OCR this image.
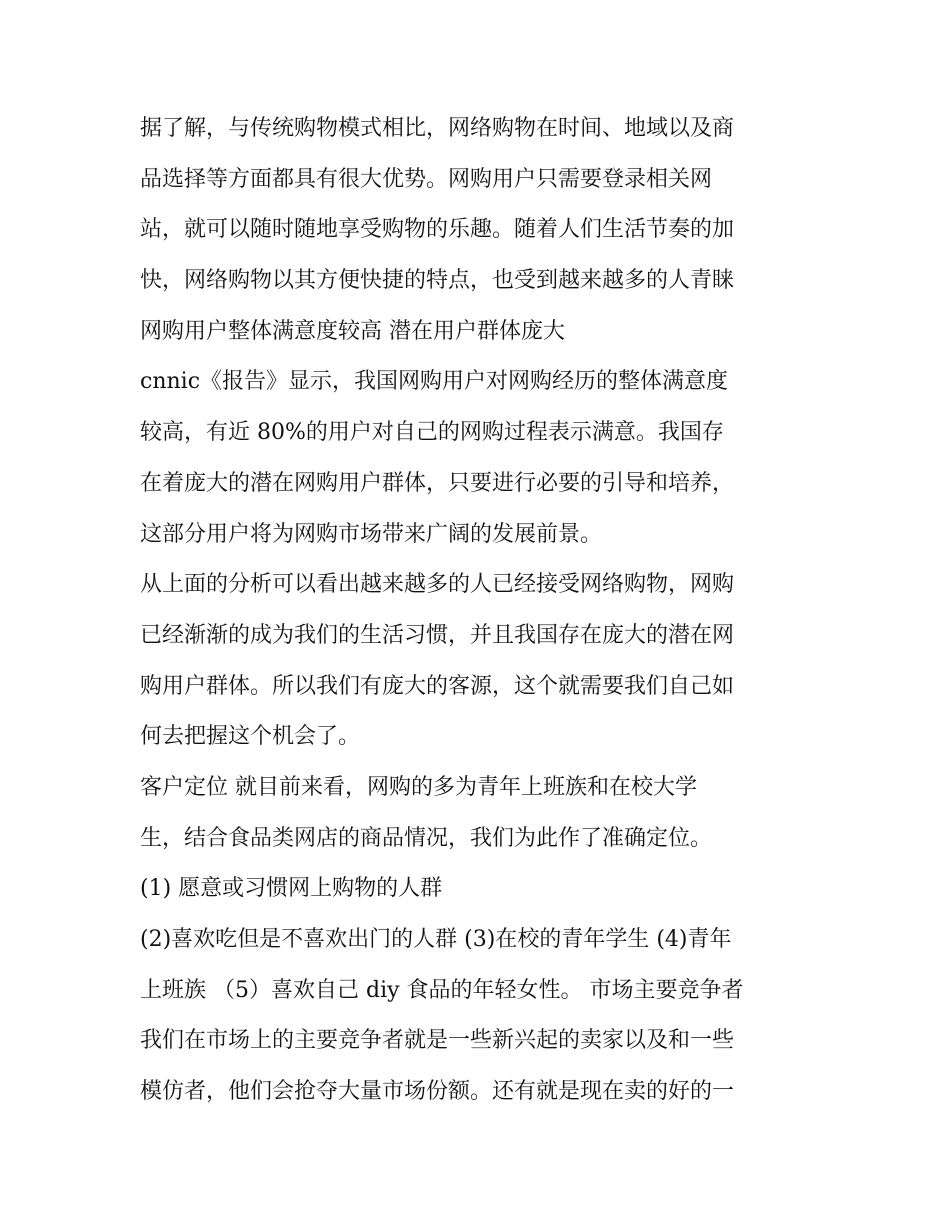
据了解，与传统购物模式相比，网络购物在时间、地域以及商
品选择等方面都具有很大优势。网购用户只需要登录相关网
站，就可以随时随地享受购物的乐趣。随着人们生活节奏的加
快，网络购物以其方便快捷的特点，也受到越来越多的人青睐
网购用户整体满意度较高 潜在用户群体庞大
cnnic《报告》显示，我国网购用户对网购经历的整体满意度
较高，有近 80%的用户对自己的网购过程表示满意。我国存
在着庞大的潜在网购用户群体，只要进行必要的引导和培养，
这部分用户将为网购市场带来广阔的发展前景。
从上面的分析可以看出越来越多的人已经接受网络购物，网购
已经渐渐的成为我们的生活习惯，并且我国存在庞大的潜在网
购用户群体。所以我们有庞大的客源，这个就需要我们自己如
何去把握这个机会了。
客户定位 就目前来看，网购的多为青年上班族和在校大学
生，结合食品类网店的商品情况，我们为此作了准确定位。
(1) 愿意或习惯网上购物的人群
(2)喜欢吃但是不喜欢出门的人群 (3)在校的青年学生 (4)青年
上班族 （5）喜欢自己 diy 食品的年轻女性。 市场主要竞争者
我们在市场上的主要竞争者就是一些新兴起的卖家以及和一些
模仿者，他们会抢夺大量市场份额。还有就是现在卖的好的一
